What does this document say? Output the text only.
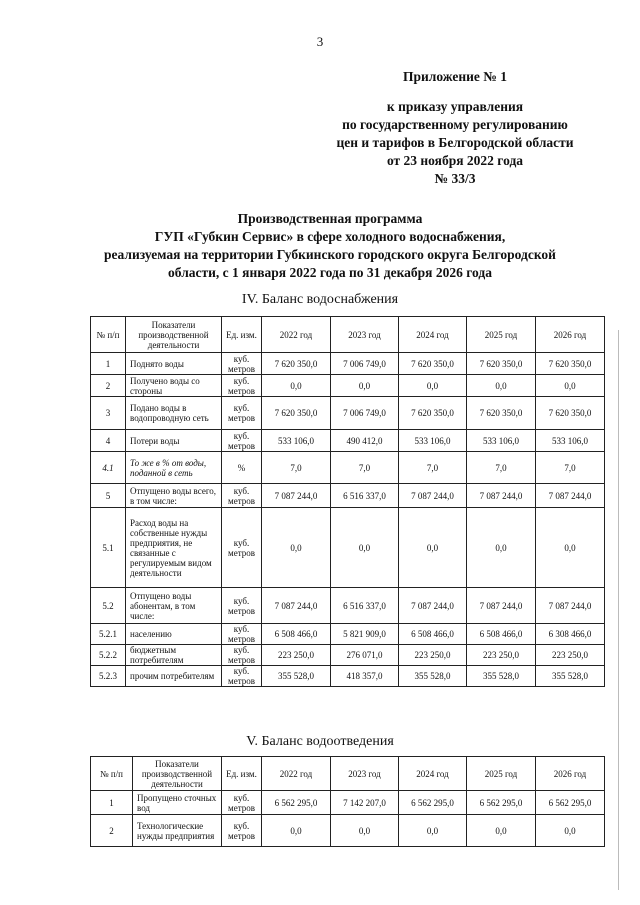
3
Приложение № 1
к приказу управления
по государственному регулированию
цен и тарифов в Белгородской области
от 23 ноября 2022 года
№ 33/3
Производственная программа
ГУП «Губкин Сервис» в сфере холодного водоснабжения,
реализуемая на территории Губкинского городского округа Белгородской
области, с 1 января 2022 года по 31 декабря 2026 года
IV. Баланс водоснабжения
№ п/п	Показатели производственной деятельности	Ед. изм.	2022 год	2023 год	2024 год	2025 год	2026 год
1	Поднято воды	куб. метров	7 620 350,0	7 006 749,0	7 620 350,0	7 620 350,0	7 620 350,0
2	Получено воды со стороны	куб. метров	0,0	0,0	0,0	0,0	0,0
3	Подано воды в водопроводную сеть	куб. метров	7 620 350,0	7 006 749,0	7 620 350,0	7 620 350,0	7 620 350,0
4	Потери воды	куб. метров	533 106,0	490 412,0	533 106,0	533 106,0	533 106,0
4.1	То же в % от воды, поданной в сеть	%	7,0	7,0	7,0	7,0	7,0
5	Отпущено воды всего, в том числе:	куб. метров	7 087 244,0	6 516 337,0	7 087 244,0	7 087 244,0	7 087 244,0
5.1	Расход воды на собственные нужды предприятия, не связанные с регулируемым видом деятельности	куб. метров	0,0	0,0	0,0	0,0	0,0
5.2	Отпущено воды абонентам, в том числе:	куб. метров	7 087 244,0	6 516 337,0	7 087 244,0	7 087 244,0	7 087 244,0
5.2.1	населению	куб. метров	6 508 466,0	5 821 909,0	6 508 466,0	6 508 466,0	6 308 466,0
5.2.2	бюджетным потребителям	куб. метров	223 250,0	276 071,0	223 250,0	223 250,0	223 250,0
5.2.3	прочим потребителям	куб. метров	355 528,0	418 357,0	355 528,0	355 528,0	355 528,0
V. Баланс водоотведения
№ п/п	Показатели производственной деятельности	Ед. изм.	2022 год	2023 год	2024 год	2025 год	2026 год
1	Пропущено сточных вод	куб. метров	6 562 295,0	7 142 207,0	6 562 295,0	6 562 295,0	6 562 295,0
2	Технологические нужды предприятия	куб. метров	0,0	0,0	0,0	0,0	0,0
